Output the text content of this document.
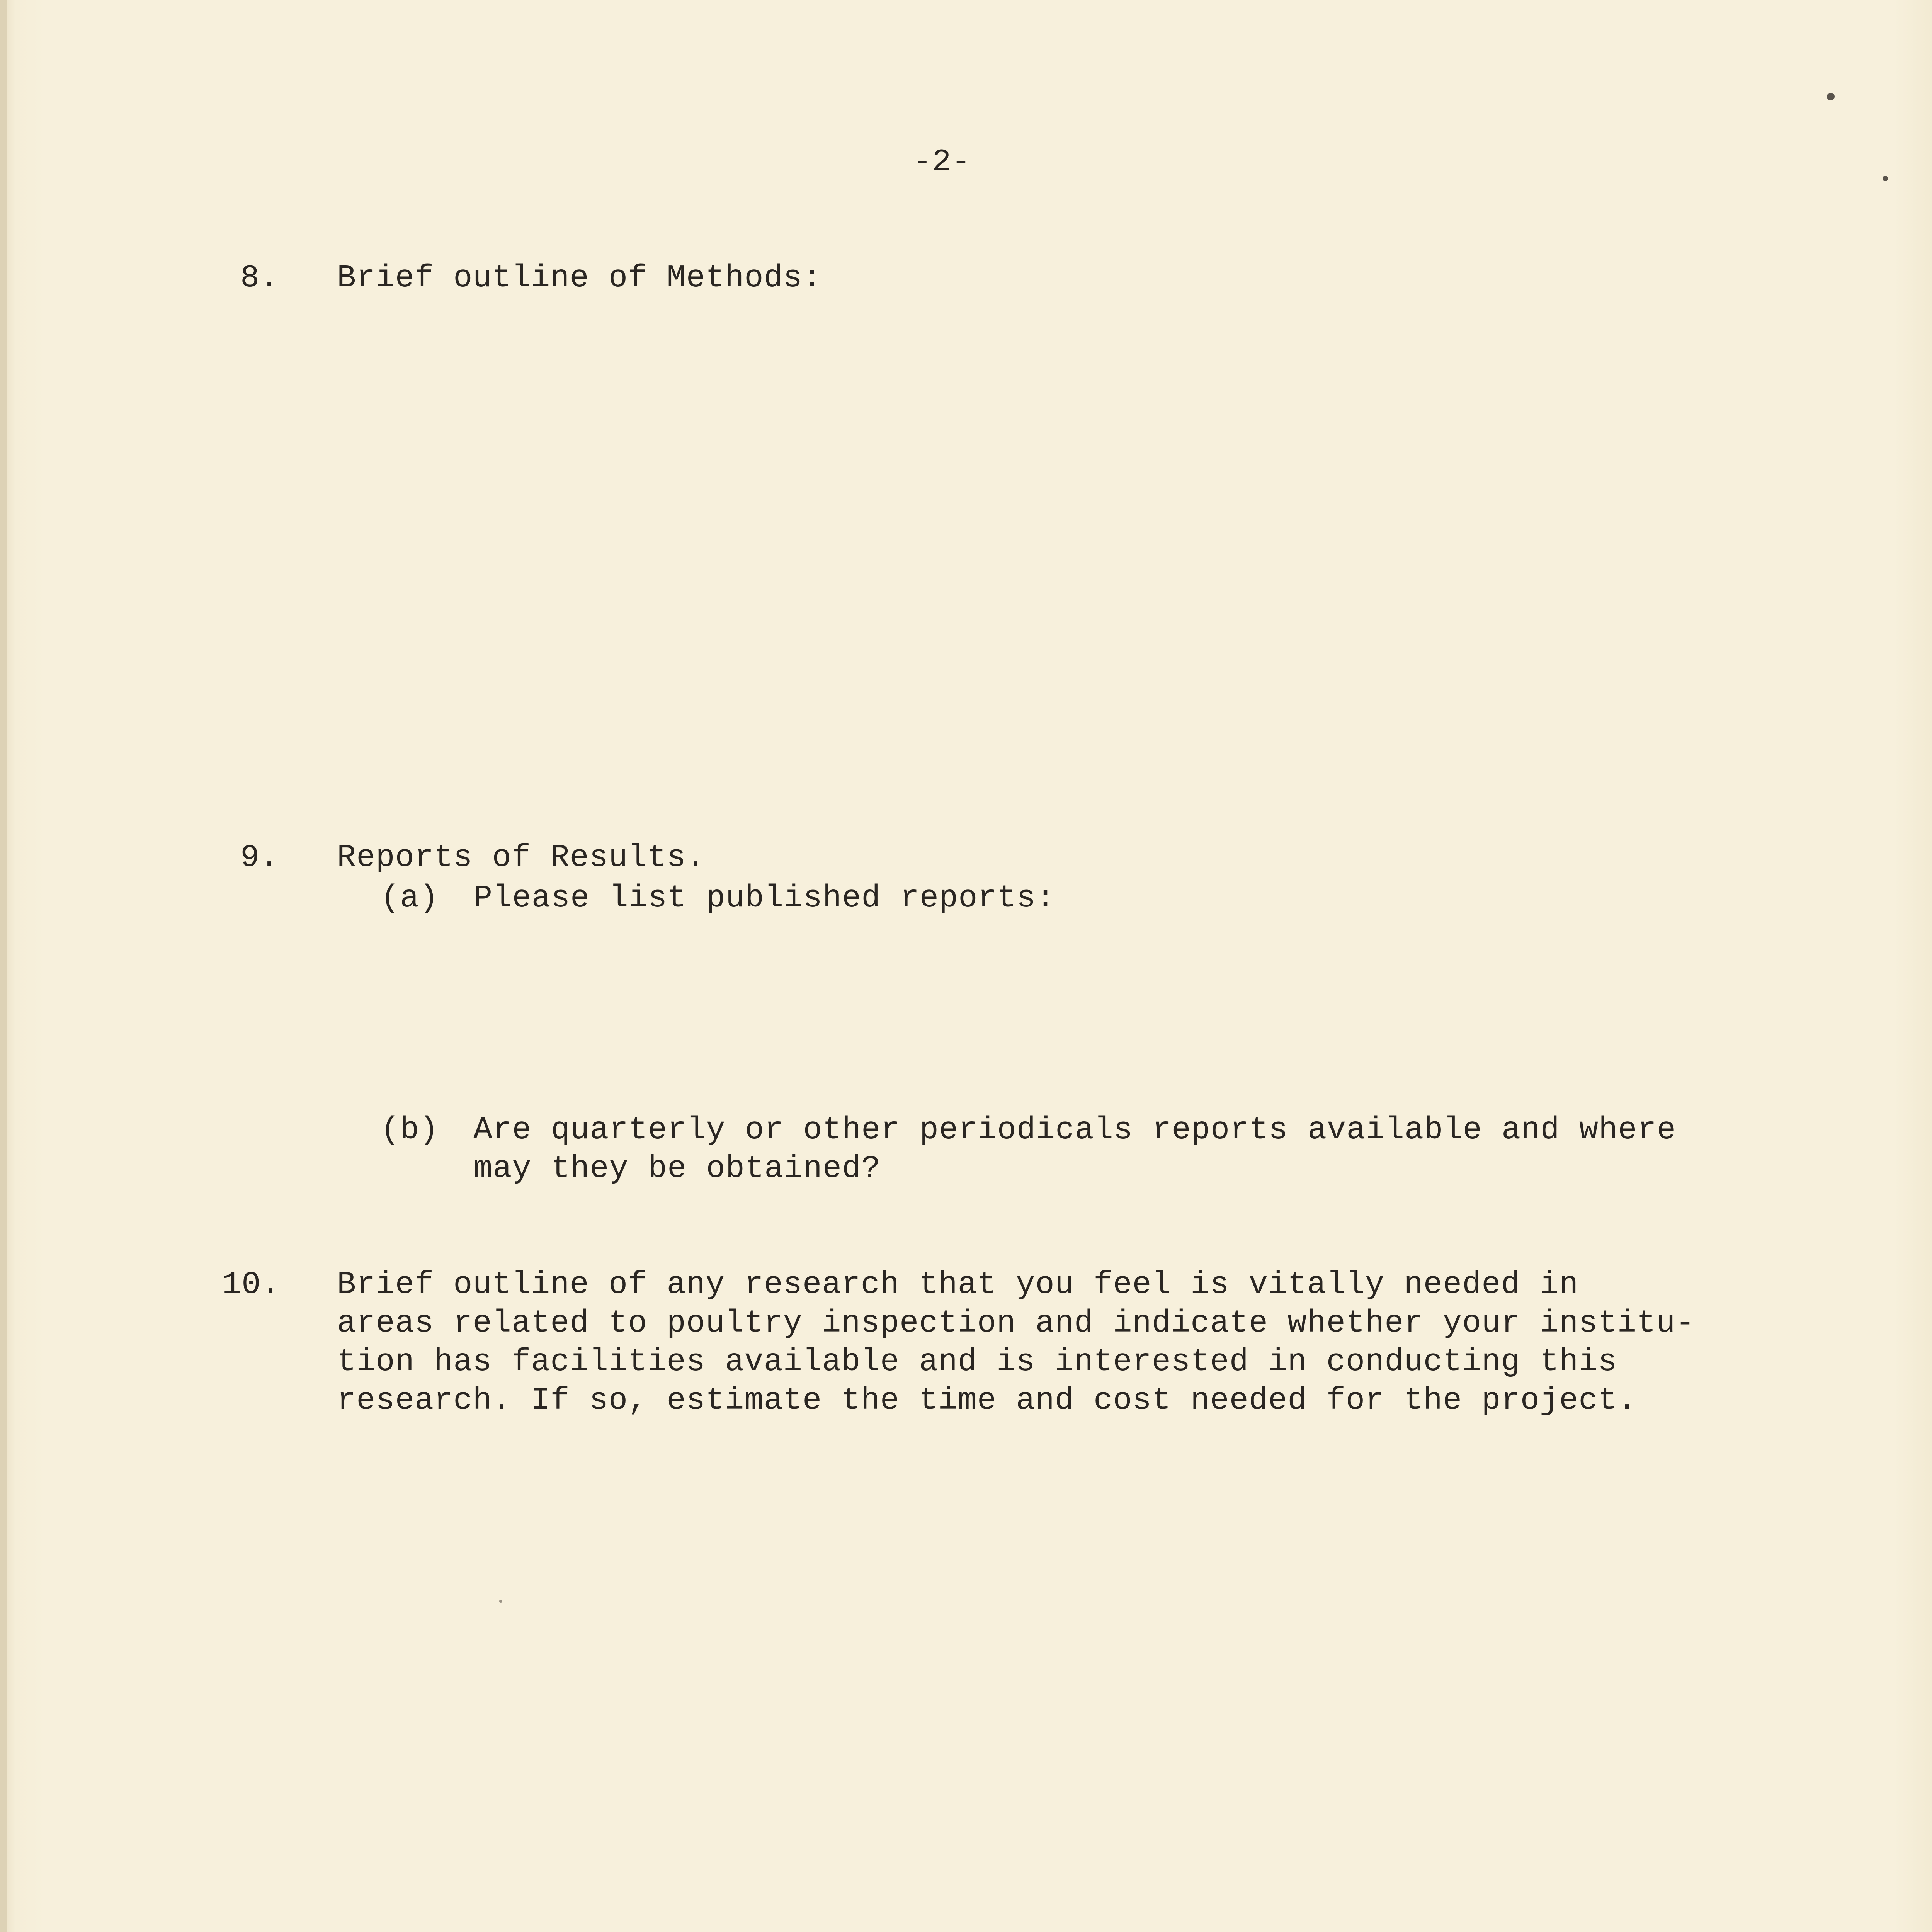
-2-
8. Brief outline of Methods:
9. Reports of Results.
(a) Please list published reports:
(b) Are quarterly or other periodicals reports available and where
may they be obtained?
10. Brief outline of any research that you feel is vitally needed in
areas related to poultry inspection and indicate whether your institu-
tion has facilities available and is interested in conducting this
research. If so, estimate the time and cost needed for the project.
